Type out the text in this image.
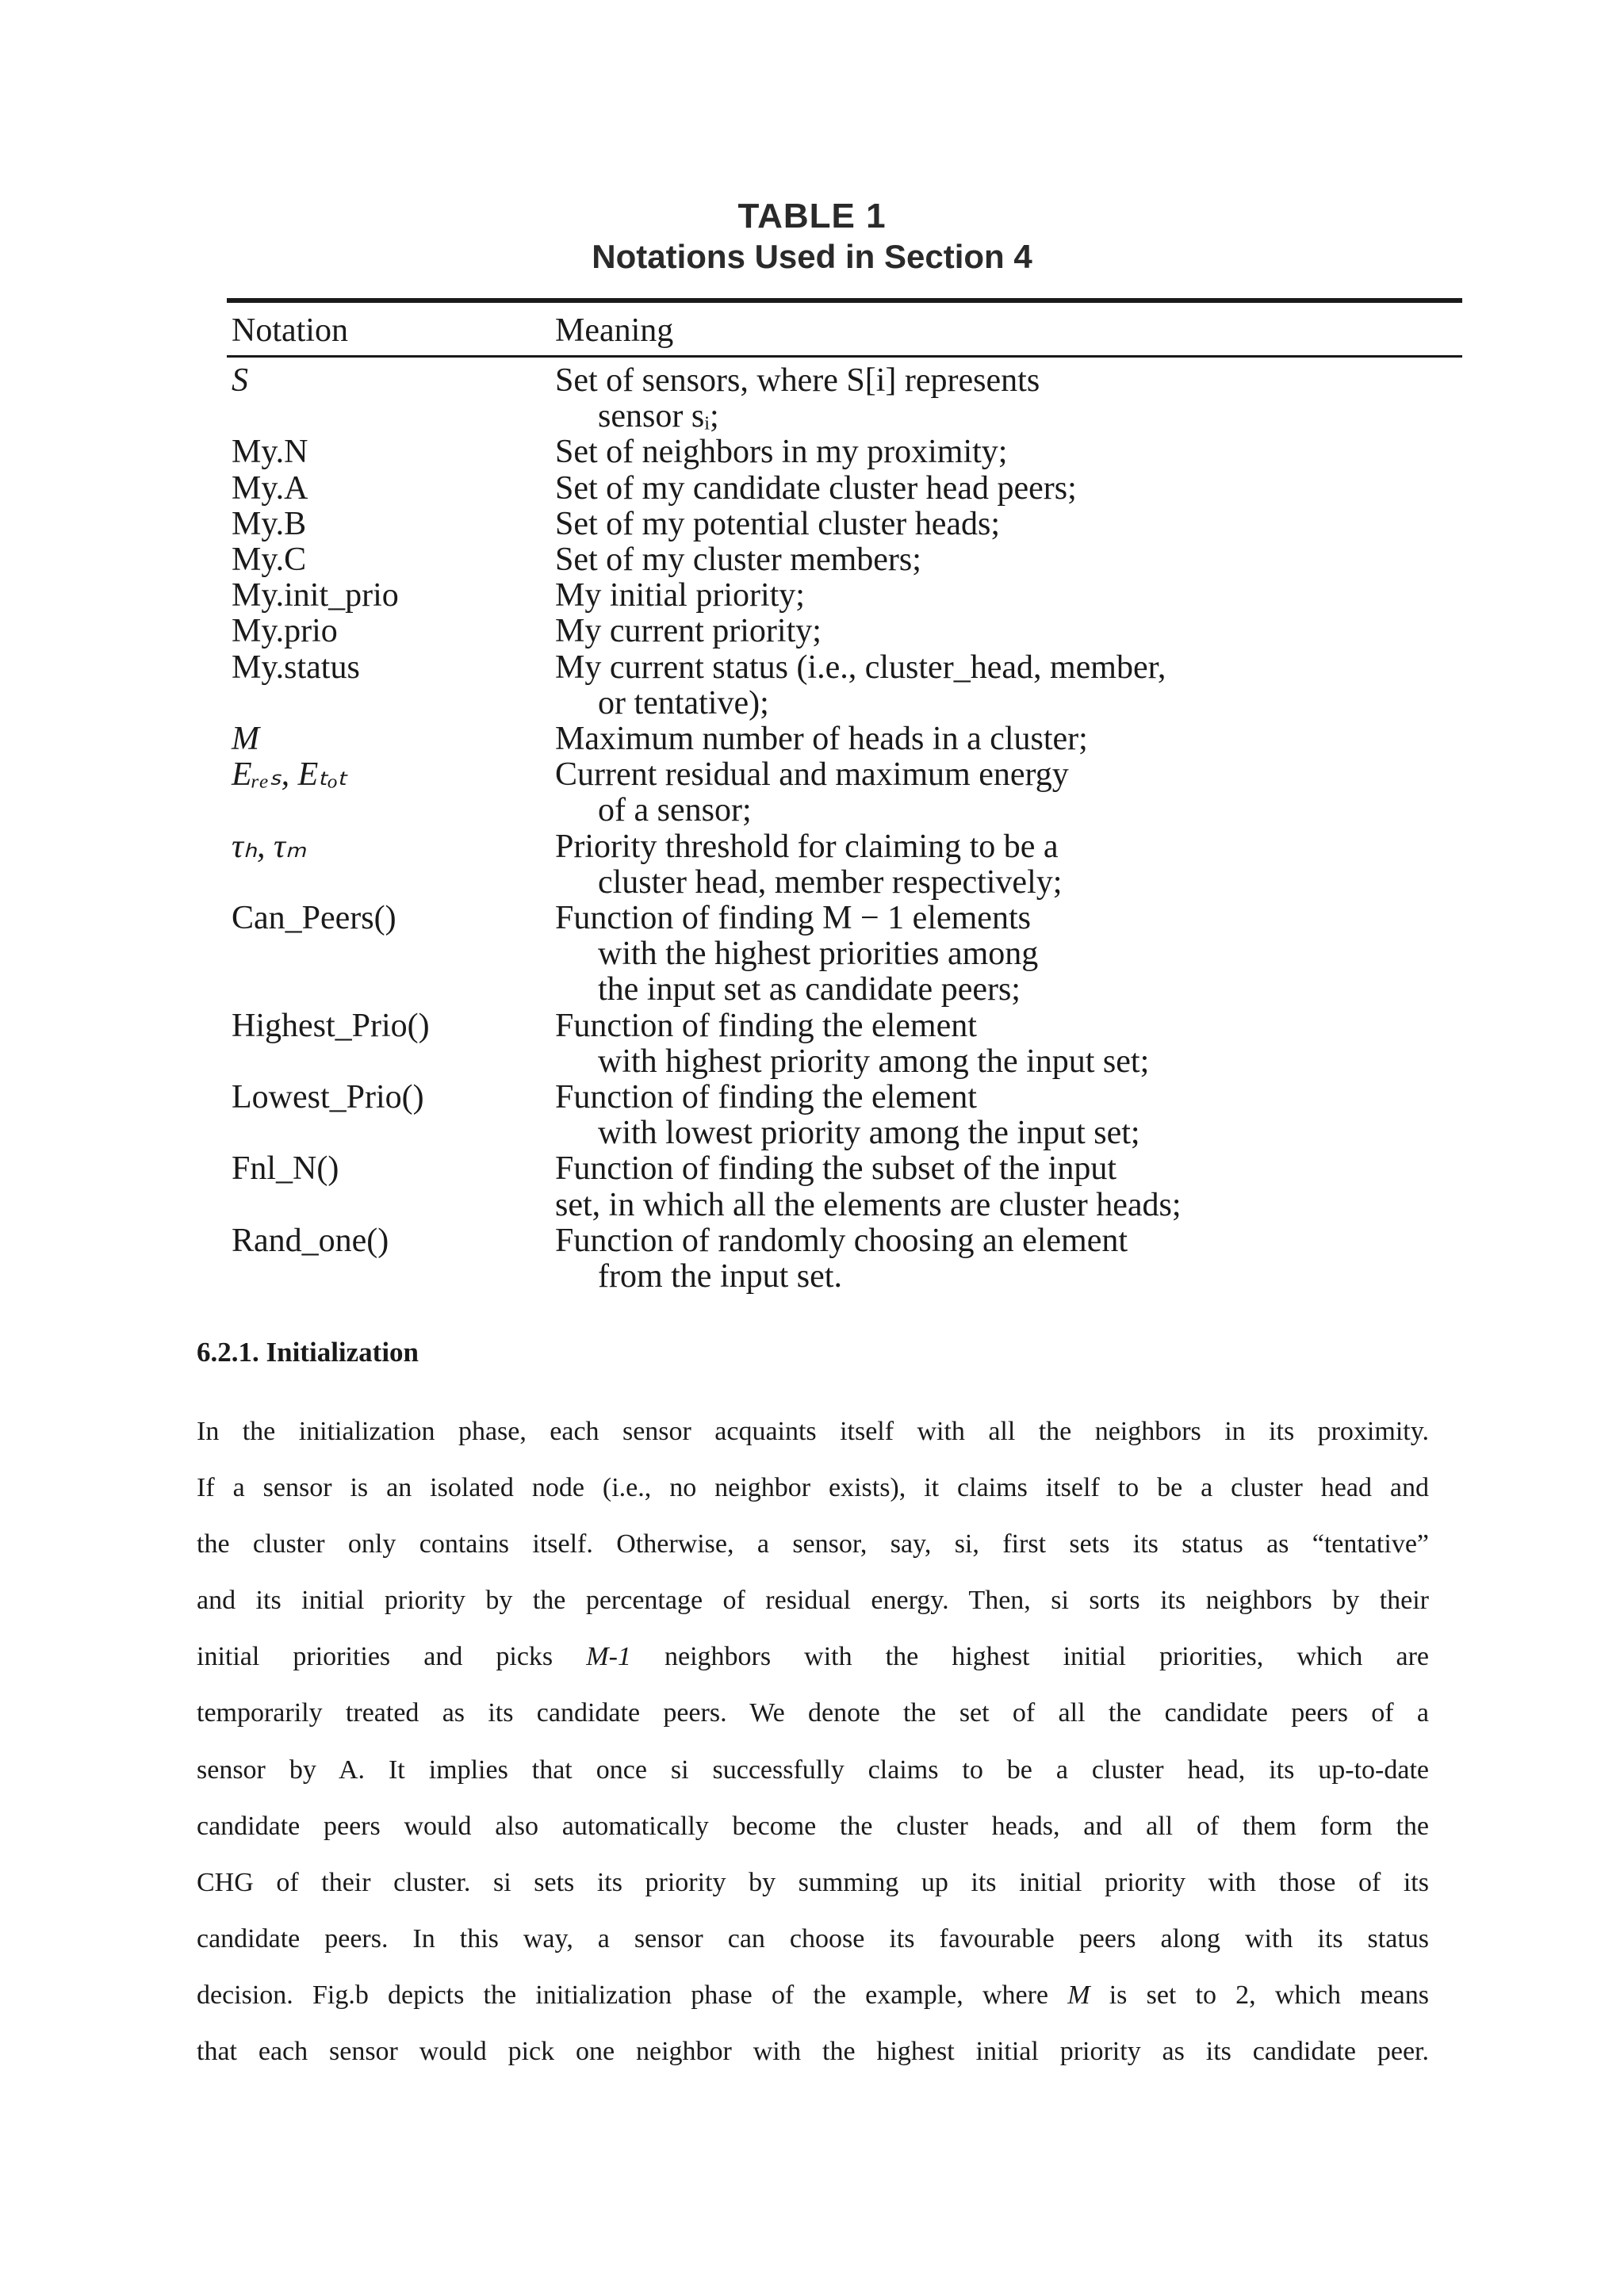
TABLE 1
Notations Used in Section 4
Notation	Meaning
S	Set of sensors, where S[i] represents
sensor sᵢ;
My.N	Set of neighbors in my proximity;
My.A	Set of my candidate cluster head peers;
My.B	Set of my potential cluster heads;
My.C	Set of my cluster members;
My.init_prio	My initial priority;
My.prio	My current priority;
My.status	My current status (i.e., cluster_head, member,
or tentative);
M	Maximum number of heads in a cluster;
Eᵣₑₛ, Eₜₒₜ	Current residual and maximum energy
of a sensor;
τₕ, τₘ	Priority threshold for claiming to be a
cluster head, member respectively;
Can_Peers()	Function of finding M − 1 elements
with the highest priorities among
the input set as candidate peers;
Highest_Prio()	Function of finding the element
with highest priority among the input set;
Lowest_Prio()	Function of finding the element
with lowest priority among the input set;
Fnl_N()	Function of finding the subset of the input
set, in which all the elements are cluster heads;
Rand_one()	Function of randomly choosing an element
from the input set.
6.2.1. Initialization
In the initialization phase, each sensor acquaints itself with all the neighbors in its proximity.
If a sensor is an isolated node (i.e., no neighbor exists), it claims itself to be a cluster head and
the cluster only contains itself. Otherwise, a sensor, say, si, first sets its status as “tentative”
and its initial priority by the percentage of residual energy. Then, si sorts its neighbors by their
initial priorities and picks M-1 neighbors with the highest initial priorities, which are
temporarily treated as its candidate peers. We denote the set of all the candidate peers of a
sensor by A. It implies that once si successfully claims to be a cluster head, its up-to-date
candidate peers would also automatically become the cluster heads, and all of them form the
CHG of their cluster. si sets its priority by summing up its initial priority with those of its
candidate peers. In this way, a sensor can choose its favourable peers along with its status
decision. Fig.b depicts the initialization phase of the example, where M is set to 2, which means
that each sensor would pick one neighbor with the highest initial priority as its candidate peer.
